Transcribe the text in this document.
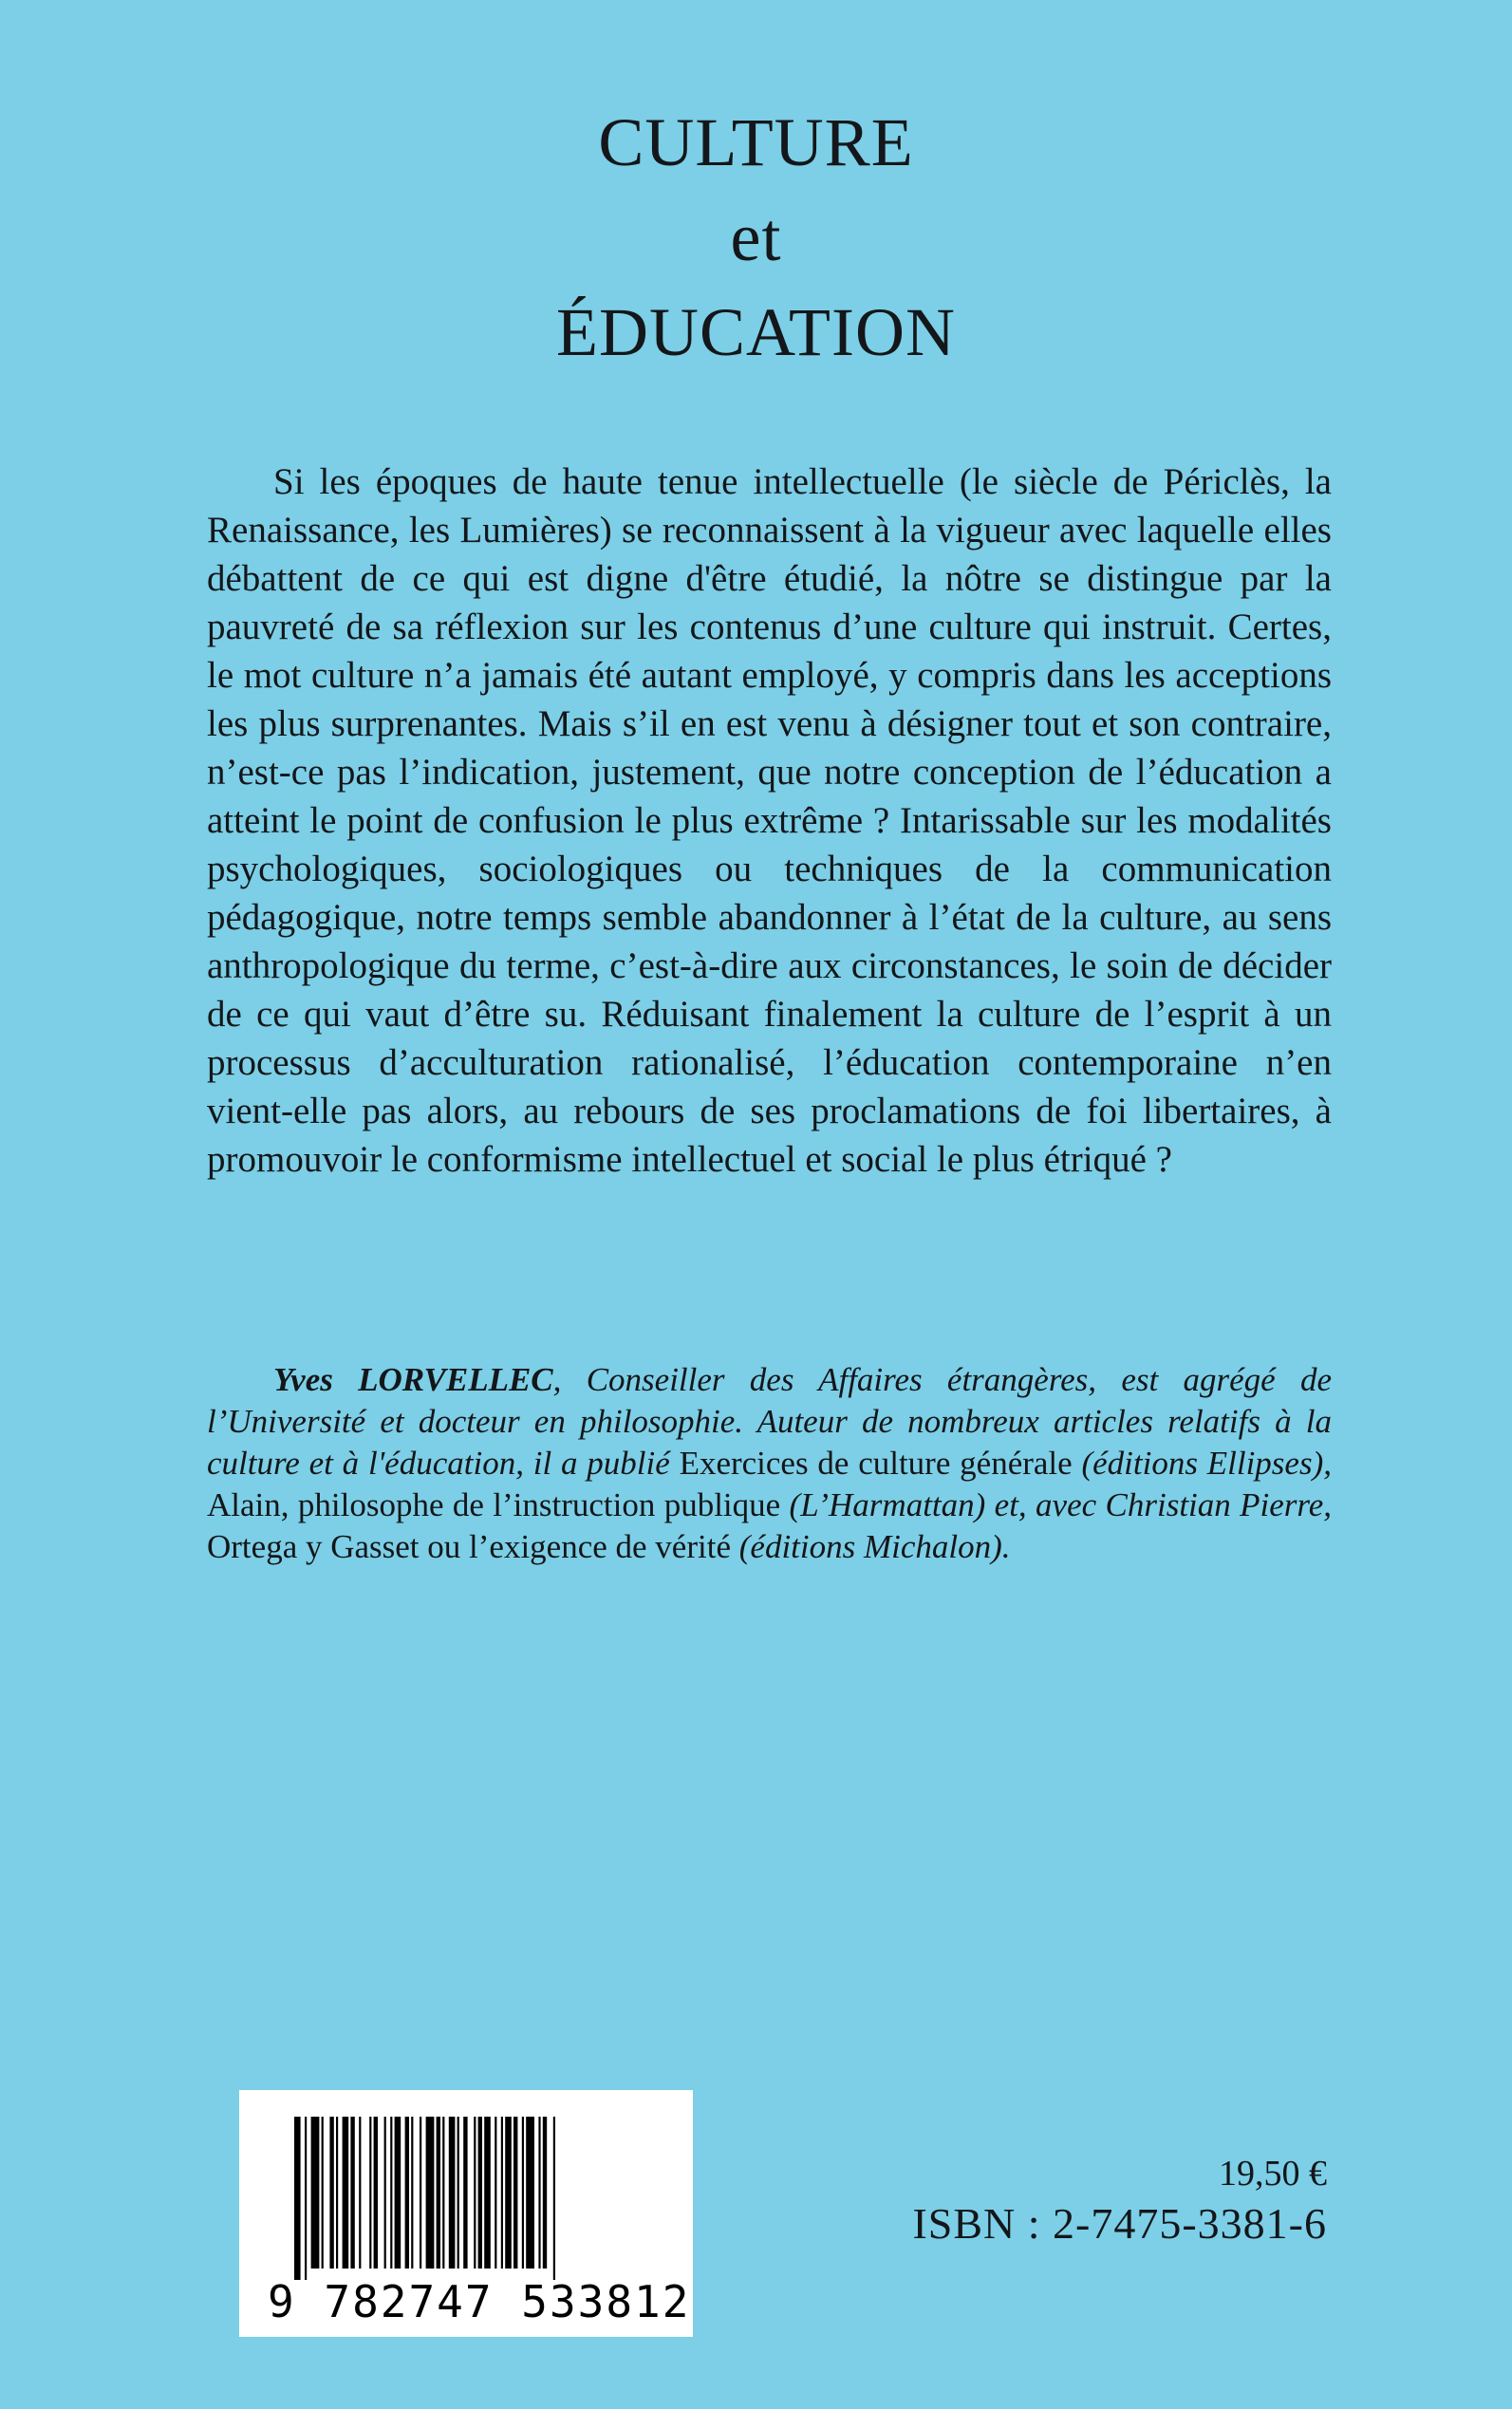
CULTURE
et
ÉDUCATION

Si les époques de haute tenue intellectuelle (le siècle de Périclès, la Renaissance, les Lumières) se reconnaissent à la vigueur avec laquelle elles débattent de ce qui est digne d'être étudié, la nôtre se distingue par la pauvreté de sa réflexion sur les contenus d’une culture qui instruit. Certes, le mot culture n’a jamais été autant employé, y compris dans les acceptions les plus surprenantes. Mais s’il en est venu à désigner tout et son contraire, n’est-ce pas l’indication, justement, que notre conception de l’éducation a atteint le point de confusion le plus extrême ? Intarissable sur les modalités psychologiques, sociologiques ou techniques de la communication pédagogique, notre temps semble abandonner à l’état de la culture, au sens anthropologique du terme, c’est-à-dire aux circonstances, le soin de décider de ce qui vaut d’être su. Réduisant finalement la culture de l’esprit à un processus d’acculturation rationalisé, l’éducation contemporaine n’en vient-elle pas alors, au rebours de ses proclamations de foi libertaires, à promouvoir le conformisme intellectuel et social le plus étriqué ?

Yves LORVELLEC, Conseiller des Affaires étrangères, est agrégé de l’Université et docteur en philosophie. Auteur de nombreux articles relatifs à la culture et à l'éducation, il a publié Exercices de culture générale (éditions Ellipses), Alain, philosophe de l’instruction publique (L’Harmattan) et, avec Christian Pierre, Ortega y Gasset ou l’exigence de vérité (éditions Michalon).

9 782747 533812
19,50 €
ISBN : 2-7475-3381-6
